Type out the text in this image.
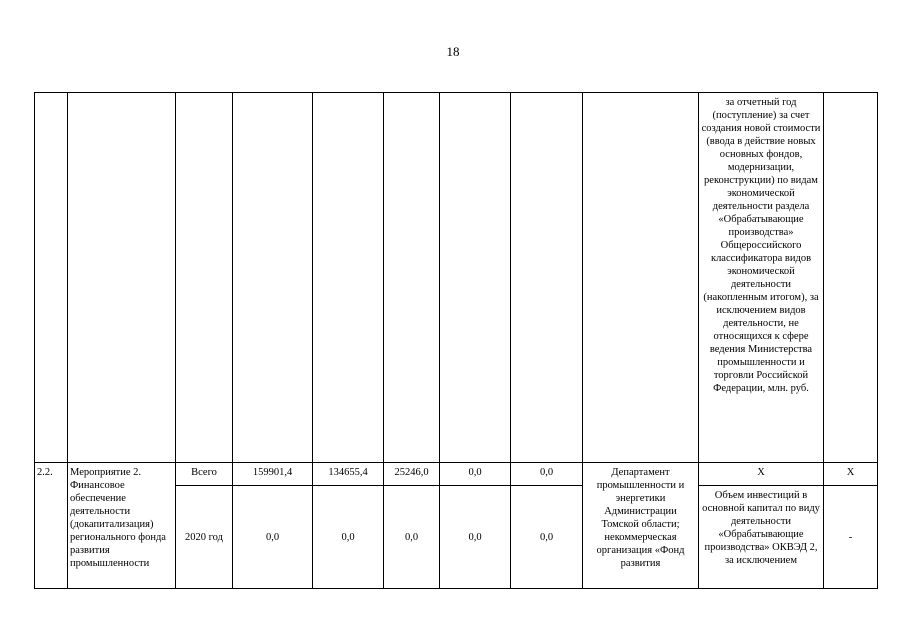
18
									за отчетный год (поступление) за счет создания новой стоимости (ввода в действие новых основных фондов, модернизации, реконструкции) по видам экономической деятельности раздела «Обрабатывающие производства» Общероссийского классификатора видов экономической деятельности (накопленным итогом), за исключением видов деятельности, не относящихся к сфере ведения Министерства промышленности и торговли Российской Федерации, млн. руб.	
2.2.	Мероприятие 2. Финансовое обеспечение деятельности (докапитализация) регионального фонда развития промышленности	Всего	159901,4	134655,4	25246,0	0,0	0,0	Департамент промышленности и энергетики Администрации Томской области; некоммерческая организация «Фонд развития	X	X
		2020 год	0,0	0,0	0,0	0,0	0,0		Объем инвестиций в основной капитал по виду деятельности «Обрабатывающие производства» ОКВЭД 2, за исключением	-
